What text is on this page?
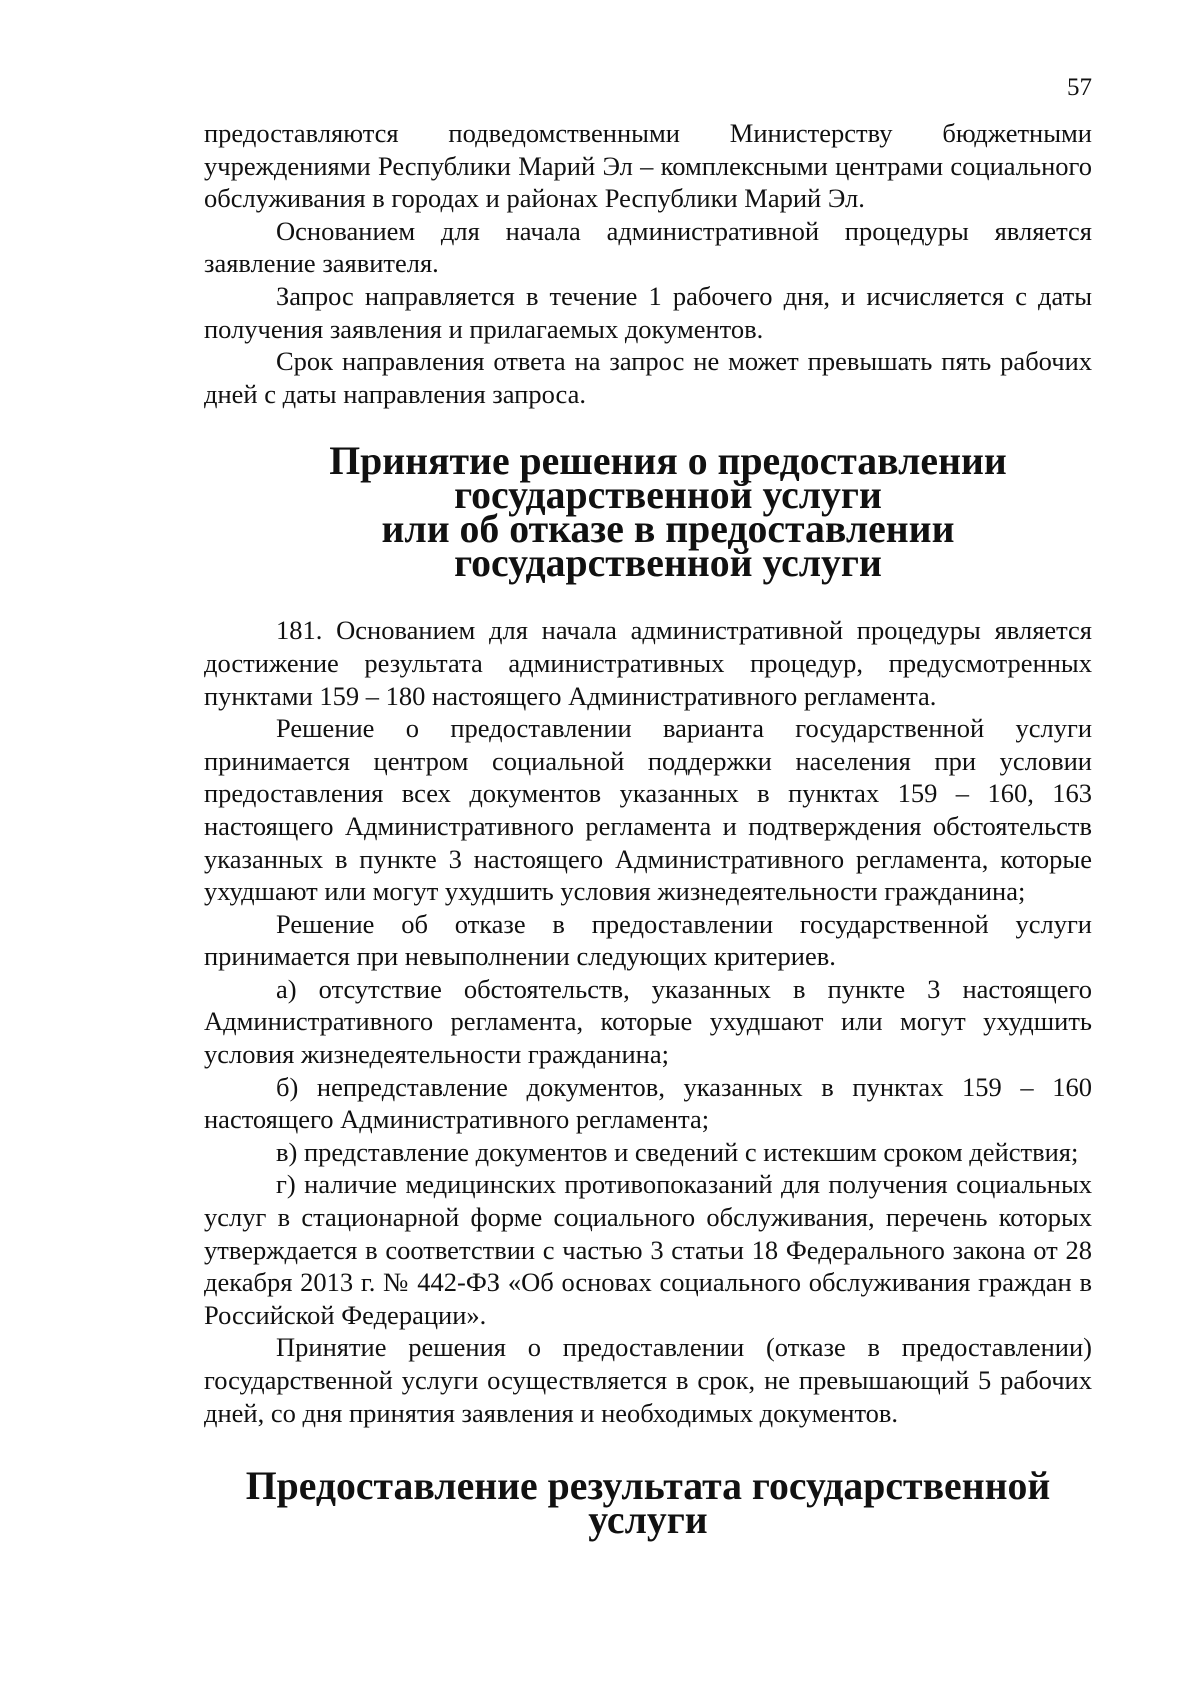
57

предоставляются подведомственными Министерству бюджетными учреждениями Республики Марий Эл – комплексными центрами социального обслуживания в городах и районах Республики Марий Эл.

Основанием для начала административной процедуры является заявление заявителя.

Запрос направляется в течение 1 рабочего дня, и исчисляется с даты получения заявления и прилагаемых документов.

Срок направления ответа на запрос не может превышать пять рабочих дней с даты направления запроса.

Принятие решения о предоставлении государственной услуги
или об отказе в предоставлении государственной услуги

181. Основанием для начала административной процедуры является достижение результата административных процедур, предусмотренных пунктами 159 – 180 настоящего Административного регламента.

Решение о предоставлении варианта государственной услуги принимается центром социальной поддержки населения при условии предоставления всех документов указанных в пунктах 159 – 160, 163 настоящего Административного регламента и подтверждения обстоятельств указанных в пункте 3 настоящего Административного регламента, которые ухудшают или могут ухудшить условия жизнедеятельности гражданина;

Решение об отказе в предоставлении государственной услуги принимается при невыполнении следующих критериев.

а) отсутствие обстоятельств, указанных в пункте 3 настоящего Административного регламента, которые ухудшают или могут ухудшить условия жизнедеятельности гражданина;

б) непредставление документов, указанных в пунктах 159 – 160 настоящего Административного регламента;

в) представление документов и сведений с истекшим сроком действия;

г) наличие медицинских противопоказаний для получения социальных услуг в стационарной форме социального обслуживания, перечень которых утверждается в соответствии с частью 3 статьи 18 Федерального закона от 28 декабря 2013 г. № 442-ФЗ «Об основах социального обслуживания граждан в Российской Федерации».

Принятие решения о предоставлении (отказе в предоставлении) государственной услуги осуществляется в срок, не превышающий 5 рабочих дней, со дня принятия заявления и необходимых документов.

Предоставление результата государственной услуги
